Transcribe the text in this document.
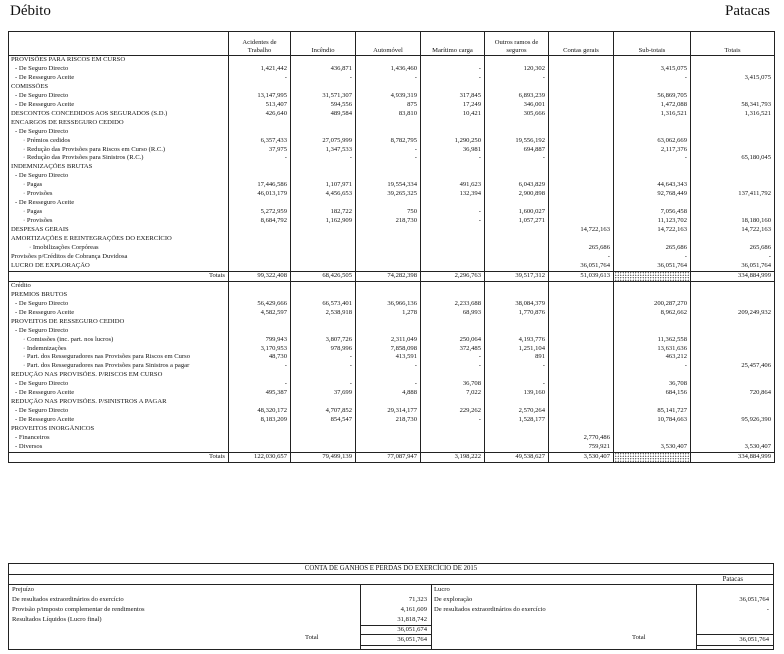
Débito	Patacas
	Acidentes de Trabalho	Incêndio	Automóvel	Marítimo carga	Outros ramos de seguros	Contas gerais	Sub-totais	Totais
PROVISÕES PARA RISCOS EM CURSO								
- De Seguro Directo	1,421,442	436,871	1,436,460	-	120,302		3,415,075	
- De Resseguro Aceite	-	-	-	-	-		-	3,415,075
COMISSÕES								
- De Seguro Directo	13,147,995	31,571,307	4,939,319	317,845	6,893,239		56,869,705	
- De Resseguro Aceite	513,407	594,556	875	17,249	346,001		1,472,088	58,341,793
DESCONTOS CONCEDIDOS AOS SEGURADOS (S.D.)	426,640	489,584	83,810	10,421	305,666		1,316,521	1,316,521
ENCARGOS DE RESSEGURO CEDIDO								
- De Seguro Directo								
· Prémios cedidos	6,357,433	27,075,999	8,782,795	1,290,250	19,556,192		63,062,669	
· Redução das Provisões para Riscos em Curso (R.C.)	37,975	1,347,533	-	36,981	694,887		2,117,376	
· Redução das Provisões para Sinistros (R.C.)	-	-	-	-	-		-	65,180,045
INDEMNIZAÇÕES BRUTAS								
- De Seguro Directo								
· Pagas	17,446,586	1,107,971	19,554,334	491,623	6,043,829		44,643,343	
· Provisões	46,013,179	4,456,653	39,265,325	132,394	2,900,898		92,768,449	137,411,792
- De Resseguro Aceite								
· Pagas	5,272,959	182,722	750	-	1,600,027		7,056,458	
· Provisões	8,684,792	1,162,909	218,730	-	1,057,271		11,123,702	18,180,160
DESPESAS GERAIS						14,722,163	14,722,163	14,722,163
AMORTIZAÇÕES E REINTEGRAÇÕES DO EXERCÍCIO								
· Imobilizações Corpóreas						265,686	265,686	265,686
Provisões p/Créditos de Cobrança Duvidosa						-	-	-
LUCRO DE EXPLORAÇÃO						36,051,764	36,051,764	36,051,764
Totais	99,322,408	68,426,505	74,282,398	2,296,763	39,517,312	51,039,613		334,884,999
Crédito								
PREMIOS BRUTOS								
- De Seguro Directo	56,429,666	66,573,401	36,966,136	2,233,688	38,084,379		200,287,270	
- De Resseguro Aceite	4,582,597	2,538,918	1,278	68,993	1,770,876		8,962,662	209,249,932
PROVEITOS DE RESSEGURO CEDIDO								
- De Seguro Directo								
· Comissões (inc. part. nos lucros)	799,943	3,807,726	2,311,049	250,064	4,193,776		11,362,558	
· Indemnizações	3,170,953	978,996	7,858,098	372,485	1,251,104		13,631,636	
· Part. dos Resseguradores nas Provisões para Riscos em Curso	48,730	-	413,591	-	891		463,212	
· Part. dos Resseguradores nas Provisões para Sinistros a pagar	-	-	-	-	-		-	25,457,406
REDUÇÃO NAS PROVISÕES. P/RISCOS EM CURSO								
- De Seguro Directo	-	-	-	36,708	-		36,708	
- De Resseguro Aceite	495,387	37,699	4,888	7,022	139,160		684,156	720,864
REDUÇÃO NAS PROVISÕES. P/SINISTROS A PAGAR								
- De Seguro Directo	48,320,172	4,707,852	29,314,177	229,262	2,570,264		85,141,727	
- De Resseguro Aceite	8,183,209	854,547	218,730	-	1,528,177		10,784,663	95,926,390
PROVEITOS INORGÂNICOS								
- Financeiros						2,770,486		
- Diversos						759,921	3,530,407	3,530,407
Totais	122,030,657	79,499,139	77,087,947	3,198,222	49,538,627	3,530,407		334,884,999
CONTA DE GANHOS E PERDAS DO EXERCÍCIO DE 2015
Patacas
Prejuízo
De resultados extraordinários do exercício	71,323
Provisão p/imposto complementar de rendimentos	4,161,609
Resultados Líquidos (Lucro final)	31,818,742
36,051,674
Total	36,051,764
Lucro
De exploração	36,051,764
De resultados extraordinários do exercício	-
Total	36,051,764
